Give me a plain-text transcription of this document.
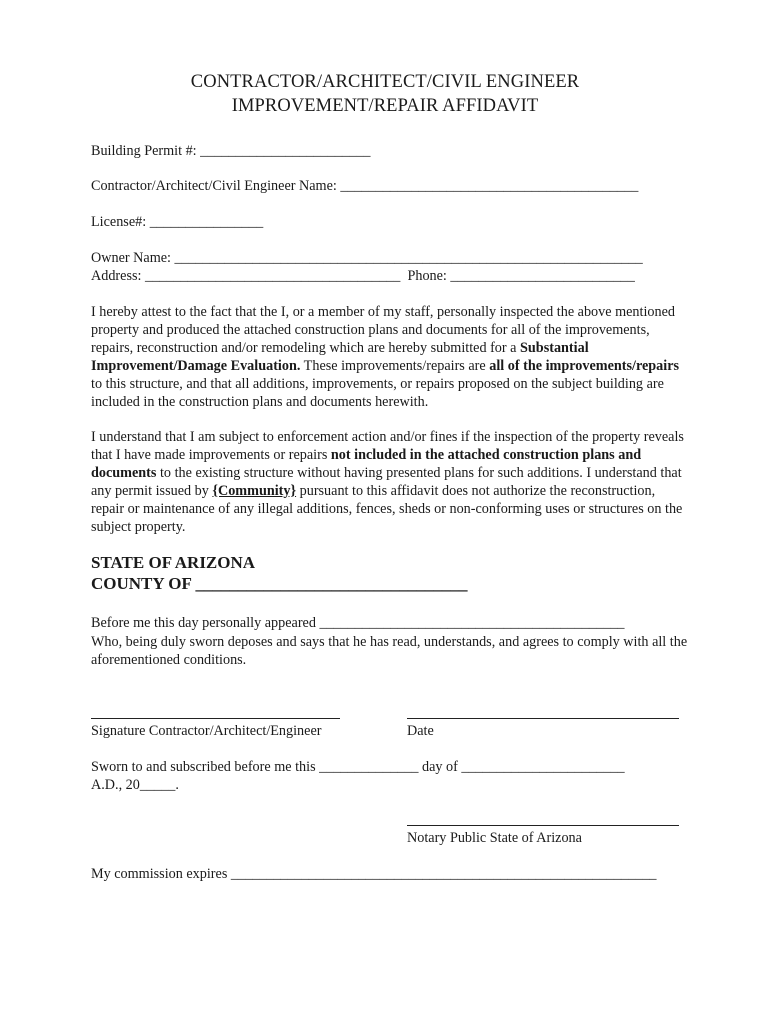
CONTRACTOR/ARCHITECT/CIVIL ENGINEER
IMPROVEMENT/REPAIR AFFIDAVIT
Building Permit #: ________________________
Contractor/Architect/Civil Engineer Name: __________________________________________
License#: ________________
Owner Name: __________________________________________________________________
Address: ____________________________________  Phone: __________________________

I hereby attest to the fact that the I, or a member of my staff, personally inspected the above mentioned property and produced the attached construction plans and documents for all of the improvements, repairs, reconstruction and/or remodeling which are hereby submitted for a Substantial Improvement/Damage Evaluation. These improvements/repairs are all of the improvements/repairs to this structure, and that all additions, improvements, or repairs proposed on the subject building are included in the construction plans and documents herewith.

I understand that I am subject to enforcement action and/or fines if the inspection of the property reveals that I have made improvements or repairs not included in the attached construction plans and documents to the existing structure without having presented plans for such additions. I understand that any permit issued by {Community} pursuant to this affidavit does not authorize the reconstruction, repair or maintenance of any illegal additions, fences, sheds or non-conforming uses or structures on the subject property.

STATE OF ARIZONA
COUNTY OF ________________________________
Before me this day personally appeared ___________________________________________
Who, being duly sworn deposes and says that he has read, understands, and agrees to comply with all the aforementioned conditions.
Signature Contractor/Architect/Engineer	Date
Sworn to and subscribed before me this ______________ day of _______________________
A.D., 20_____.
Notary Public State of Arizona
My commission expires ____________________________________________________________
